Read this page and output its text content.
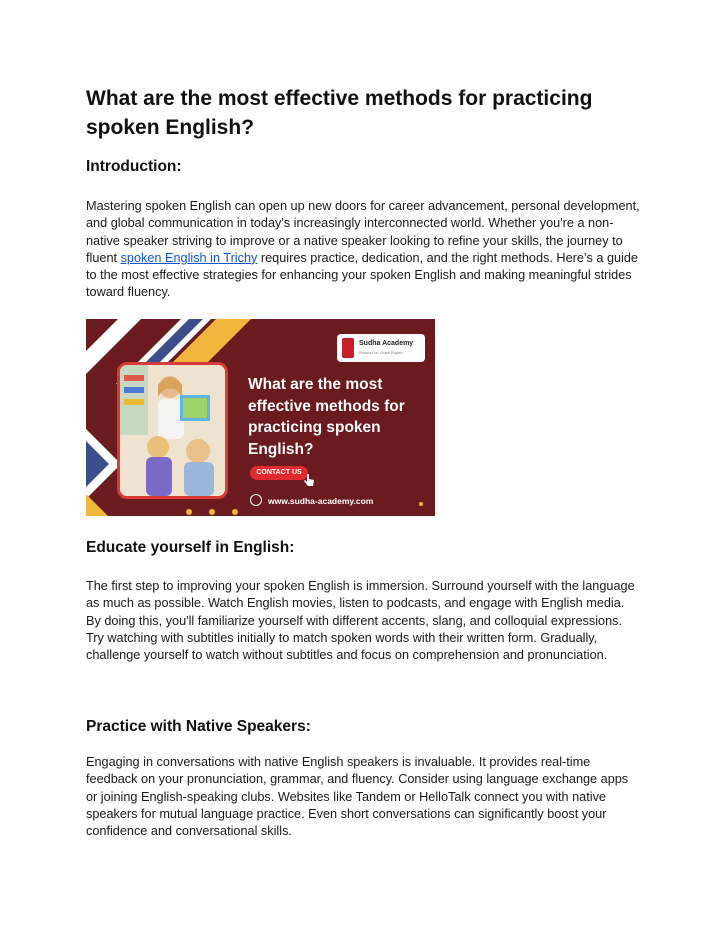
What are the most effective methods for practicing spoken English?
Introduction:

Mastering spoken English can open up new doors for career advancement, personal development, and global communication in today's increasingly interconnected world. Whether you're a non-native speaker striving to improve or a native speaker looking to refine your skills, the journey to fluent spoken English in Trichy requires practice, dedication, and the right methods. Here’s a guide to the most effective strategies for enhancing your spoken English and making meaningful strides toward fluency.

Sudha Academy
Phonics Fun, Fluent English
What are the most effective methods for practicing spoken English?
CONTACT US
www.sudha-academy.com
Educate yourself in English:

The first step to improving your spoken English is immersion. Surround yourself with the language as much as possible. Watch English movies, listen to podcasts, and engage with English media. By doing this, you'll familiarize yourself with different accents, slang, and colloquial expressions. Try watching with subtitles initially to match spoken words with their written form. Gradually, challenge yourself to watch without subtitles and focus on comprehension and pronunciation.

Practice with Native Speakers:

Engaging in conversations with native English speakers is invaluable. It provides real-time feedback on your pronunciation, grammar, and fluency. Consider using language exchange apps or joining English-speaking clubs. Websites like Tandem or HelloTalk connect you with native speakers for mutual language practice. Even short conversations can significantly boost your confidence and conversational skills.
